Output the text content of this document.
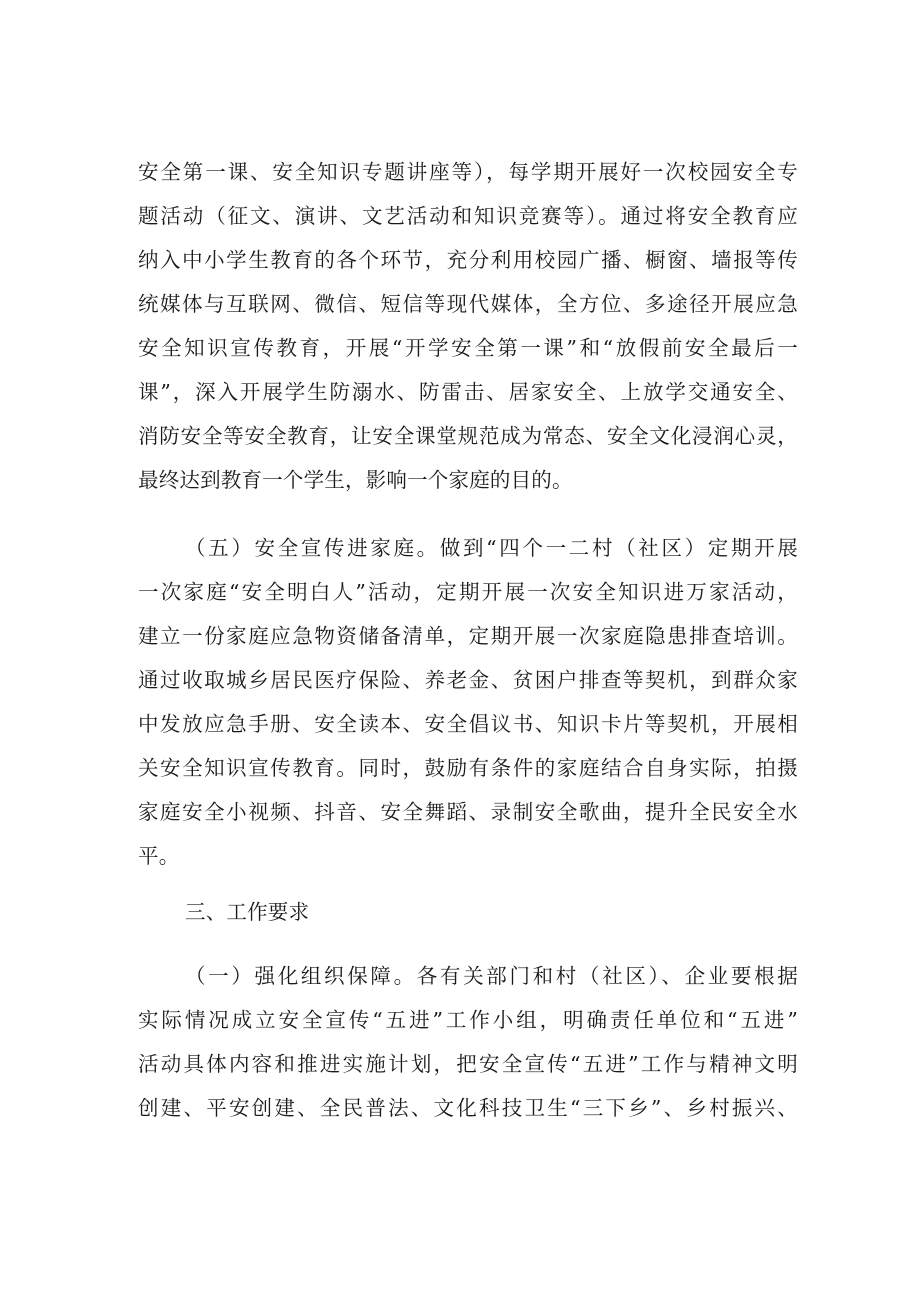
安全第一课、安全知识专题讲座等），每学期开展好一次校园安全专
题活动（征文、演讲、文艺活动和知识竞赛等）。通过将安全教育应
纳入中小学生教育的各个环节，充分利用校园广播、橱窗、墙报等传
统媒体与互联网、微信、短信等现代媒体，全方位、多途径开展应急
安全知识宣传教育，开展“开学安全第一课”和“放假前安全最后一
课”，深入开展学生防溺水、防雷击、居家安全、上放学交通安全、
消防安全等安全教育，让安全课堂规范成为常态、安全文化浸润心灵，
最终达到教育一个学生，影响一个家庭的目的。
（五）安全宣传进家庭。做到“四个一二村（社区）定期开展
一次家庭“安全明白人”活动，定期开展一次安全知识进万家活动，
建立一份家庭应急物资储备清单，定期开展一次家庭隐患排查培训。
通过收取城乡居民医疗保险、养老金、贫困户排查等契机，到群众家
中发放应急手册、安全读本、安全倡议书、知识卡片等契机，开展相
关安全知识宣传教育。同时，鼓励有条件的家庭结合自身实际，拍摄
家庭安全小视频、抖音、安全舞蹈、录制安全歌曲，提升全民安全水
平。
三、工作要求
（一）强化组织保障。各有关部门和村（社区）、企业要根据
实际情况成立安全宣传“五进”工作小组，明确责任单位和“五进”
活动具体内容和推进实施计划，把安全宣传“五进”工作与精神文明
创建、平安创建、全民普法、文化科技卫生“三下乡”、乡村振兴、
